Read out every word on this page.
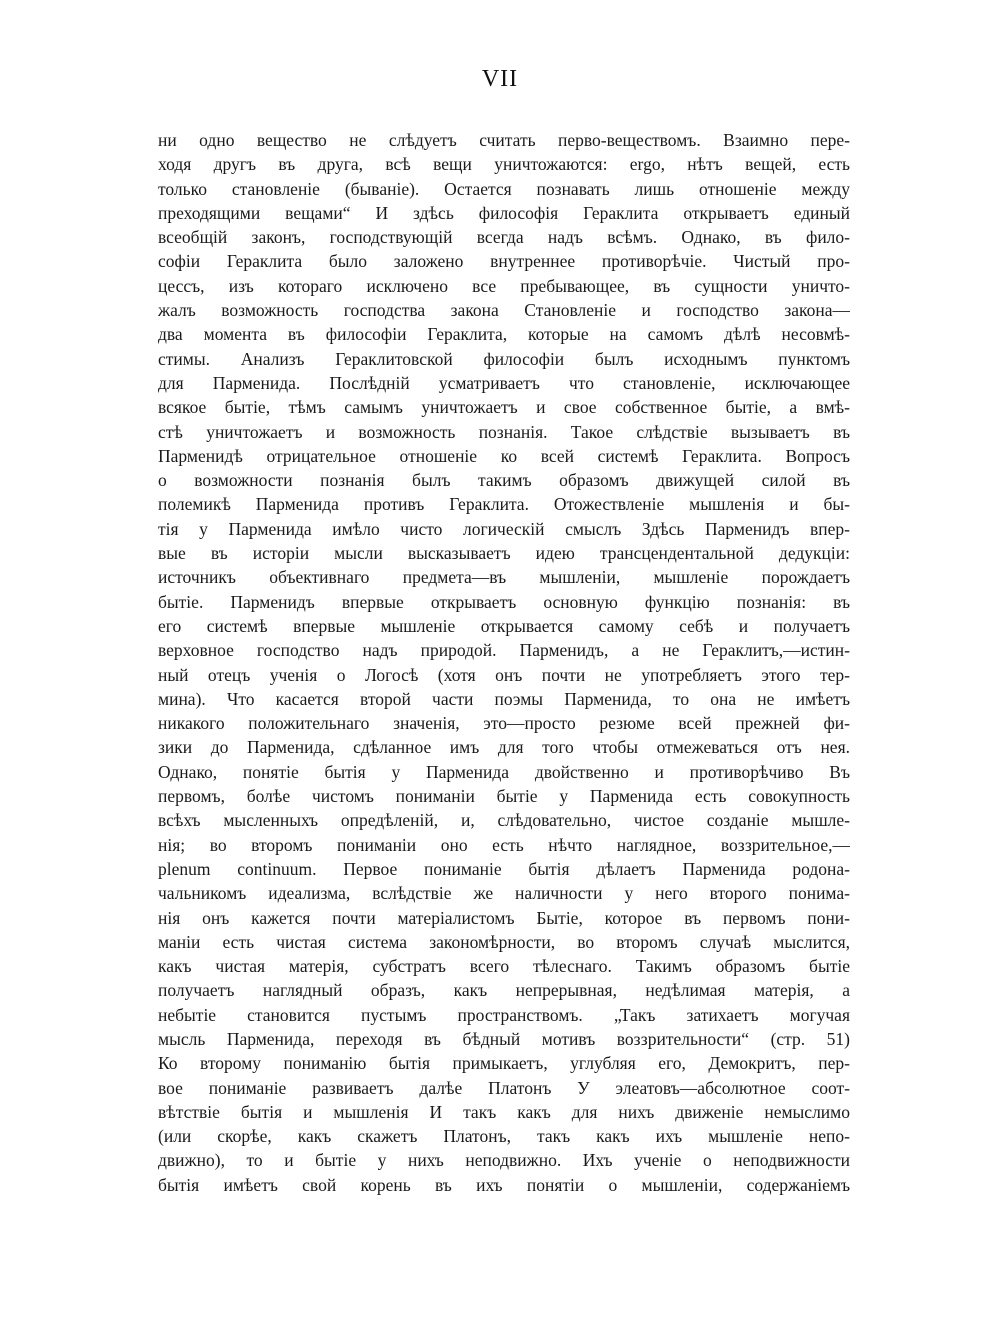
VII
ни одно вещество не слѣдуетъ считать перво-веществомъ. Взаимно пере-
ходя другъ въ друга, всѣ вещи уничтожаются: ergo, нѣтъ вещей, есть
только становленіе (бываніе). Остается познавать лишь отношеніе между
преходящими вещами“ И здѣсь философія Гераклита открываетъ единый
всеобщій законъ, господствующій всегда надъ всѣмъ. Однако, въ фило-
софіи Гераклита было заложено внутреннее противорѣчіе. Чистый про-
цессъ, изъ котораго исключено все пребывающее, въ сущности уничто-
жалъ возможность господства закона Становленіе и господство закона—
два момента въ философіи Гераклита, которые на самомъ дѣлѣ несовмѣ-
стимы. Анализъ Гераклитовской философіи былъ исходнымъ пунктомъ
для Парменида. Послѣдній усматриваетъ что становленіе, исключающее
всякое бытіе, тѣмъ самымъ уничтожаетъ и свое собственное бытіе, а вмѣ-
стѣ уничтожаетъ и возможность познанія. Такое слѣдствіе вызываетъ въ
Парменидѣ отрицательное отношеніе ко всей системѣ Гераклита. Вопросъ
о возможности познанія былъ такимъ образомъ движущей силой въ
полемикѣ Парменида противъ Гераклита. Отожествленіе мышленія и бы-
тія у Парменида имѣло чисто логическій смыслъ Здѣсь Парменидъ впер-
вые въ исторіи мысли высказываетъ идею трансцендентальной дедукціи:
источникъ объективнаго предмета—въ мышленіи, мышленіе порождаетъ
бытіе. Парменидъ впервые открываетъ основную функцію познанія: въ
его системѣ впервые мышленіе открывается самому себѣ и получаетъ
верховное господство надъ природой. Парменидъ, а не Гераклитъ,—истин-
ный отецъ ученія о Логосѣ (хотя онъ почти не употребляетъ этого тер-
мина). Что касается второй части поэмы Парменида, то она не имѣетъ
никакого положительнаго значенія, это—просто резюме всей прежней фи-
зики до Парменида, сдѣланное имъ для того чтобы отмежеваться отъ нея.
Однако, понятіе бытія у Парменида двойственно и противорѣчиво Въ
первомъ, болѣе чистомъ пониманіи бытіе у Парменида есть совокупность
всѣхъ мысленныхъ опредѣленій, и, слѣдовательно, чистое созданіе мышле-
нія; во второмъ пониманіи оно есть нѣчто наглядное, воззрительное,—
plenum continuum. Первое пониманіе бытія дѣлаетъ Парменида родона-
чальникомъ идеализма, вслѣдствіе же наличности у него второго понима-
нія онъ кажется почти матеріалистомъ Бытіе, которое въ первомъ пони-
маніи есть чистая система закономѣрности, во второмъ случаѣ мыслится,
какъ чистая матерія, субстратъ всего тѣлеснаго. Такимъ образомъ бытіе
получаетъ наглядный образъ, какъ непрерывная, недѣлимая матерія, а
небытіе становится пустымъ пространствомъ. „Такъ затихаетъ могучая
мысль Парменида, переходя въ бѣдный мотивъ воззрительности“ (стр. 51)
Ко второму пониманію бытія примыкаетъ, углубляя его, Демокритъ, пер-
вое пониманіе развиваетъ далѣе Платонъ У элеатовъ—абсолютное соот-
вѣтствіе бытія и мышленія И такъ какъ для нихъ движеніе немыслимо
(или скорѣе, какъ скажетъ Платонъ, такъ какъ ихъ мышленіе непо-
движно), то и бытіе у нихъ неподвижно. Ихъ ученіе о неподвижности
бытія имѣетъ свой корень въ ихъ понятіи о мышленіи, содержаніемъ
